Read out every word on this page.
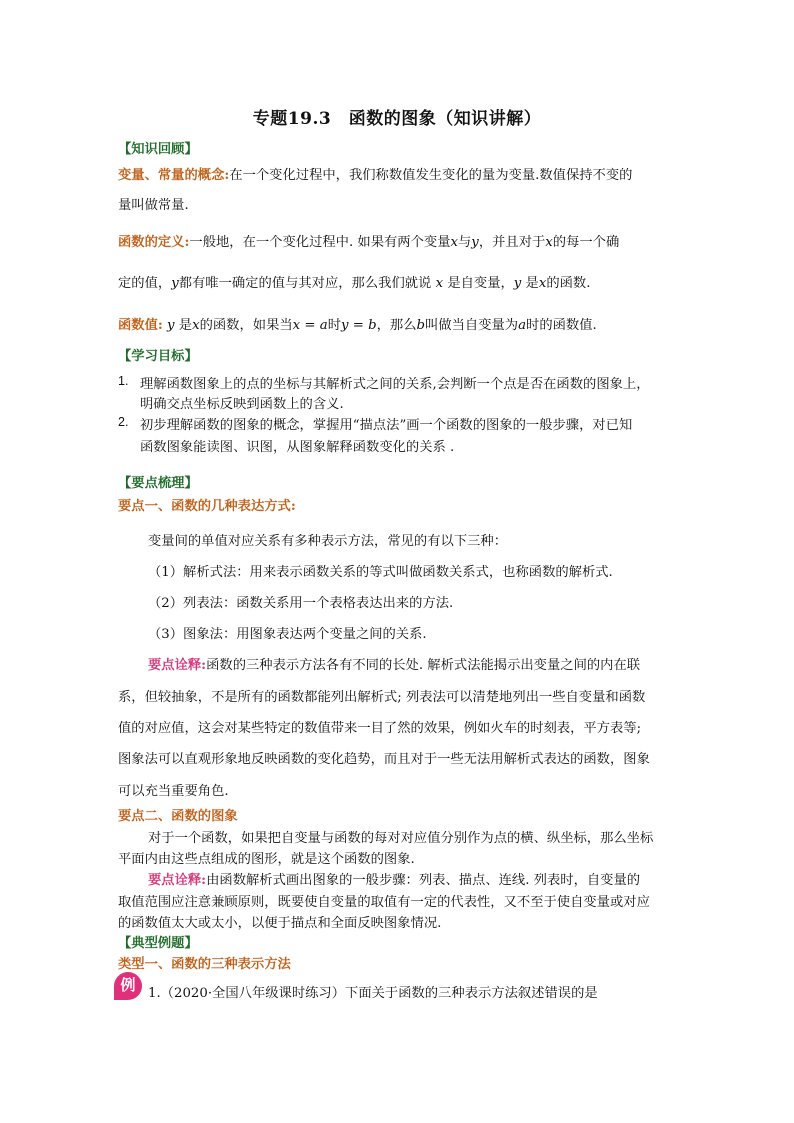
专题19.3　函数的图象（知识讲解）
【知识回顾】
变量、常量的概念:在一个变化过程中，我们称数值发生变化的量为变量.数值保持不变的
量叫做常量.
函数的定义:一般地，在一个变化过程中. 如果有两个变量x与y，并且对于x的每一个确
定的值，y都有唯一确定的值与其对应，那么我们就说 x 是自变量，y 是x的函数.
函数值: y 是x的函数，如果当x = a时y = b，那么b叫做当自变量为a时的函数值.
【学习目标】
1. 理解函数图象上的点的坐标与其解析式之间的关系,会判断一个点是否在函数的图象上，
明确交点坐标反映到函数上的含义.
2. 初步理解函数的图象的概念，掌握用“描点法”画一个函数的图象的一般步骤，对已知
函数图象能读图、识图，从图象解释函数变化的关系 .
【要点梳理】
要点一、函数的几种表达方式:
变量间的单值对应关系有多种表示方法，常见的有以下三种：
（1）解析式法：用来表示函数关系的等式叫做函数关系式，也称函数的解析式.
（2）列表法：函数关系用一个表格表达出来的方法.
（3）图象法：用图象表达两个变量之间的关系.
要点诠释:函数的三种表示方法各有不同的长处. 解析式法能揭示出变量之间的内在联
系，但较抽象，不是所有的函数都能列出解析式; 列表法可以清楚地列出一些自变量和函数
值的对应值，这会对某些特定的数值带来一目了然的效果，例如火车的时刻表，平方表等;
图象法可以直观形象地反映函数的变化趋势，而且对于一些无法用解析式表达的函数，图象
可以充当重要角色.
要点二、函数的图象
对于一个函数，如果把自变量与函数的每对对应值分别作为点的横、纵坐标，那么坐标
平面内由这些点组成的图形，就是这个函数的图象.
要点诠释:由函数解析式画出图象的一般步骤：列表、描点、连线. 列表时，自变量的
取值范围应注意兼顾原则，既要使自变量的取值有一定的代表性，又不至于使自变量或对应
的函数值太大或太小，以便于描点和全面反映图象情况.
【典型例题】
类型一、函数的三种表示方法
例 1.（2020·全国八年级课时练习）下面关于函数的三种表示方法叙述错误的是
